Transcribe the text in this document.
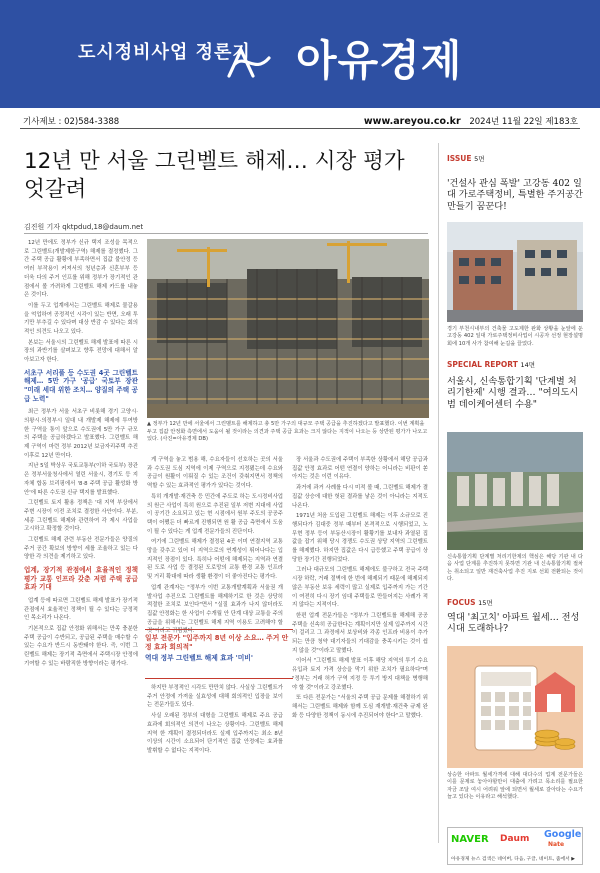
도시정비사업 정론지 아유경제
기사제보 : 02)584-3388	www.areyou.co.kr 2024년 11월 22일 제183호
12년 만 서울 그린벨트 해제… 시장 평가 엇갈려
김진원 기자 qktpdud,18@daum.net

12년 만에도 정부가 신규 택지 조성을 목적으로 그린벨트(개발제한구역) 해제를 결정했다. 그간 주택 공급 활황에 부족하면서 집값 불안정 등 여러 부작용이 커져서의 청년층과 신혼부부 등 더욱 다의 주거 인프를 위해 정부가 장기적인 관점에서 볼 가려하게 그린벨트 해제 카드를 내놓은 것이다.

이를 두고 업계에서는 그린벨트 해제로 물갈용을 억업하여 공정적인 시각이 있는 반면, 오래 투기만 부추길 수 있다며 대상 반감 수 있다는 회의적인 의견도 나오고 있다.

본보는 서울시의 그린벨트 해제 발표에 따른 시장의 과반기를 살펴보고 향후 전망에 대해서 알아보고자 한다.

서초구 서리풀 등 수도권 4곳 그린벨트 해제… 5만 가구 '공급' 국토부 장관 "미래 세대 위한 조치… 양질의 주택 공급 노력"

최근 정부가 서울 서초구 비롯해 경기 고양시·의왕시·의정부시 일대 내 개발제 해제에 투여방 한 구역을 통이 앞으로 수도권에 5만 가구 규모의 주택을 공급하겠다고 발표했다. 그린벨트 해제 구역이 마련 정부 2012년 보금자리주택 추진 이후로 12년 만이다.

지난 5일 박상우 국토교통부(이하 국토부) 장관은 정부서울청사에서 열린 서울시, 경기도 등 지자체 합동 브리핑에서 '8·8 주택 공급 활성화 방안'에 따른 수도권 신규 택지를 발표했다.

그린벨트 토지 활용 정책은 '대 지역 부상에서 주변 시장이 이전 조치로 결정한 사안이다. 부분, 세종 그린벨트 해제와 관련하여 각 제시 사업을 고시하고 확정할 것이다.

그린벨트 해제 관련 부동산 전문가들은 양질의 주거 공간 확보의 방향이 세를 조율하고 있는 다양한 각 의견을 제기하고 있다.

업계, 장기적 관점에서 효율적인 정책 평가 교통 인프라 갖춘 저렴 주택 공급 효과 기대

업계 등에 따르면 그린벨트 해제 발표가 장기적 관점에서 효율적인 정책이 될 수 있다는 긍정적인 목소리가 나온다.

기본적으로 집값 안정화 위해서는 만족 충분한 주택 공급이 수반되고, 공급된 주택을 매수할 수 있는 수요가 반드시 동반돼야 한다. 즉, 이번 그린벨트 해제는 장기적 측면에서 주택시장 안정에 기여할 수 있는 바람직한 방향이라는 평가다.

▲ 정부가 12년 만에 서울에서 그린벨트를 해제하고 총 5만 가구의 대규모 주택 공급을 추진하겠다고 발표했다. 이번 계획을 두고 집값 안정화 측면에서 도움이 될 것이라는 의견과 주택 공급 효과는 크지 않다는 지적이 나오는 등 상반된 평가가 나오고 있다. (사진=아유경제 DB)

게 구역을 놓고 범용 해, 수요자들이 선호하는 곳의 서울과 수도권 도심 지역에 이제 구역으로 지정됐는데 수요와 공급이 원활이 이뤄질 수 있는 조건이 갖춰지면서 정책의 역할 수 있는 효과적인 평가가 있다는 것이다.

특히 개개발·재건축 등 민간에 주도로 하는 도시정비사업의 원근 사업이 특히 원으로 추진된 일부 저변 지대에 사업이 공기간 소요되고 있는 현 시점에서 원부 주도의 공공주택이 어쨌든 더 빠르게 진행되면 원 활 공급 측면에서 도움이 될 수 있다는 게 업계 전문가들의 진단이다.

여기에 그린벨트 해제가 결정된 4곳 이미 연결지역 교통망을 갖추고 있어 더 지역으로의 연계성이 뛰어나다는 입지적인 장점이 있다. 특히나 어떤에 해제되는 지역과 연결된 도로 사업 등 결정된 도로망의 교통 환경 교통 인프라 및 거리 확대에 따라 생활 환경이 더 좋아진다는 평가다.

업계 관계자는 "정부가 이번 교통개발계획과 서울권 개발사업 추진으로 그린벨트를 해제하기로 한 것은 상당히 적절한 조치로 보인다"면서 "실질 효과가 나지 않더라도 집값 안정화는 한 사업이 수개월 안 단계 대상 교통을 주의 공급을 위해서는 그린벨트 해제 지역 이용도 고려해야 할 것"이라고 귀띔했다.

일부 전문가 "입주까지 8년 이상 소요… 주거 안정 효과 회의적"
역대 정부 그린벨트 해제 효과 '미비'

하지만 부정적인 시각도 만만치 않다. 사실상 그린벨트가 주거 안정에 가져올 실효성에 대해 회의적인 입장을 보이는 전문가들도 있다.

사실 오래된 정부의 대형을 그린벨트 해제로 주요 공급 효과에 회의적인 의견이 나오는 상황이다. 그린벨트 해제 지역 한 계획이 결정되더라도 실제 입주까지는 최소 8년 이상의 시간이 소요되어 단기적인 집값 안정에는 효과를 발휘할 수 없다는 지적이다.

장 서울과 수도권에 주택이 부족한 상황에서 해당 공급과 집값 안정 효과로 어떤 연결이 양하는 어니라는 비판이 쏟아지는 것은 이런 이유다.

과거에 과거 사례를 다시 미적 볼 때, 그린벨트 해제가 결 집값 상승에 대한 헛된 결과를 낳은 것이 아니라는 지적도 나온다.

1971년 처음 도입된 그린벨트 해제는 이후 소규모로 진행되다가 김대중 정부 때부터 본격적으로 시행되었고, 노무현 정부 등이 부동산시장이 활황기를 보내자 과열된 집값을 잡기 위해 당시 경쟁도 수도권 상당 지역의 그린벨트를 해제했다. 하지만 집값은 다시 급등했고 주택 공급이 상당한 장기간 진행되었다.

그러나 대규모의 그린벨트 해제에도 불구하고 전국 주택시장 하락, 거래 절벽에 한 번에 해제되기 때문에 해제되지 않은 부동산 보유 세력이 많고 실제로 입주까지 가는 기간이 여전히 다시 장기 임대 주택들로 만들어지는 사례가 적지 않다는 지적이다.

한편 업계 전문가들은 "정부가 그린벨트를 해제해 공공주택을 신속히 공급한다는 계획이지만 실제 입주까지 시간이 걸리고 그 과정에서 보상비와 각종 인프라 비용이 추가되는 만큼 청약 대기자들의 기대감을 충족시키는 것이 쉽지 않을 것"이라고 말했다.

이어서 "그린벨트 해제 발표 이후 해당 지역의 투기 수요 유입과 토지 가격 상승을 막기 위한 조치가 필요하다"며 "정부는 거래 허가 구역 지정 등 투기 방지 대책을 병행해야 할 것"이라고 강조했다.

또 다른 전문가는 "서울의 주택 공급 문제를 해결하기 위해서는 그린벨트 해제와 함께 도심 재개발·재건축 규제 완화 등 다양한 정책이 동시에 추진되어야 한다"고 말했다.

ISSUE 5면
'건설사 관심 폭발' 고강동 402 일대 가로주택정비, 특별한 주거공간 만들기 꿈꾼다!
경기 부천시내부의 건축물 고도제한 완화 상황을 눈앞에 둔 고강동 402 일대 가로주택정비사업이 시공자 선정 현장설명회에 10개 사가 참여해 눈길을 끌었다.
SPECIAL REPORT 14면
서울시, 신속통합기획 '단계별 처리기한제' 시행 결과… "여의도시범 데이케어센터 수용"
신속통합기획 단계별 처리기한제의 핵심은 해당 기관 내 다음 사업 단계를 추진하지 못하면 기관 내 신속통합기획 절차는 취소되고 일반 재건축사업 추진 지로 선회 전환되는 것이다.
FOCUS 15면
역대 '최고치' 아파트 월세… 전성시대 도래하나?
상승한 아파트 월세가격에 대해 대다수의 업계 전문가들은 이를 문제로 놓아야할만이 대출에 가려고 목소리를 필요한 자금 조달 여시 어려워 앞에 되면서 월세로 갈아타는 수요가 늘고 있다는 이유라고 해석했다.
NAVER Daum Google
Nate
아유경제 뉴스 검색은 네이버, 다음, 구글, 네이트, 줌에서 ▶
